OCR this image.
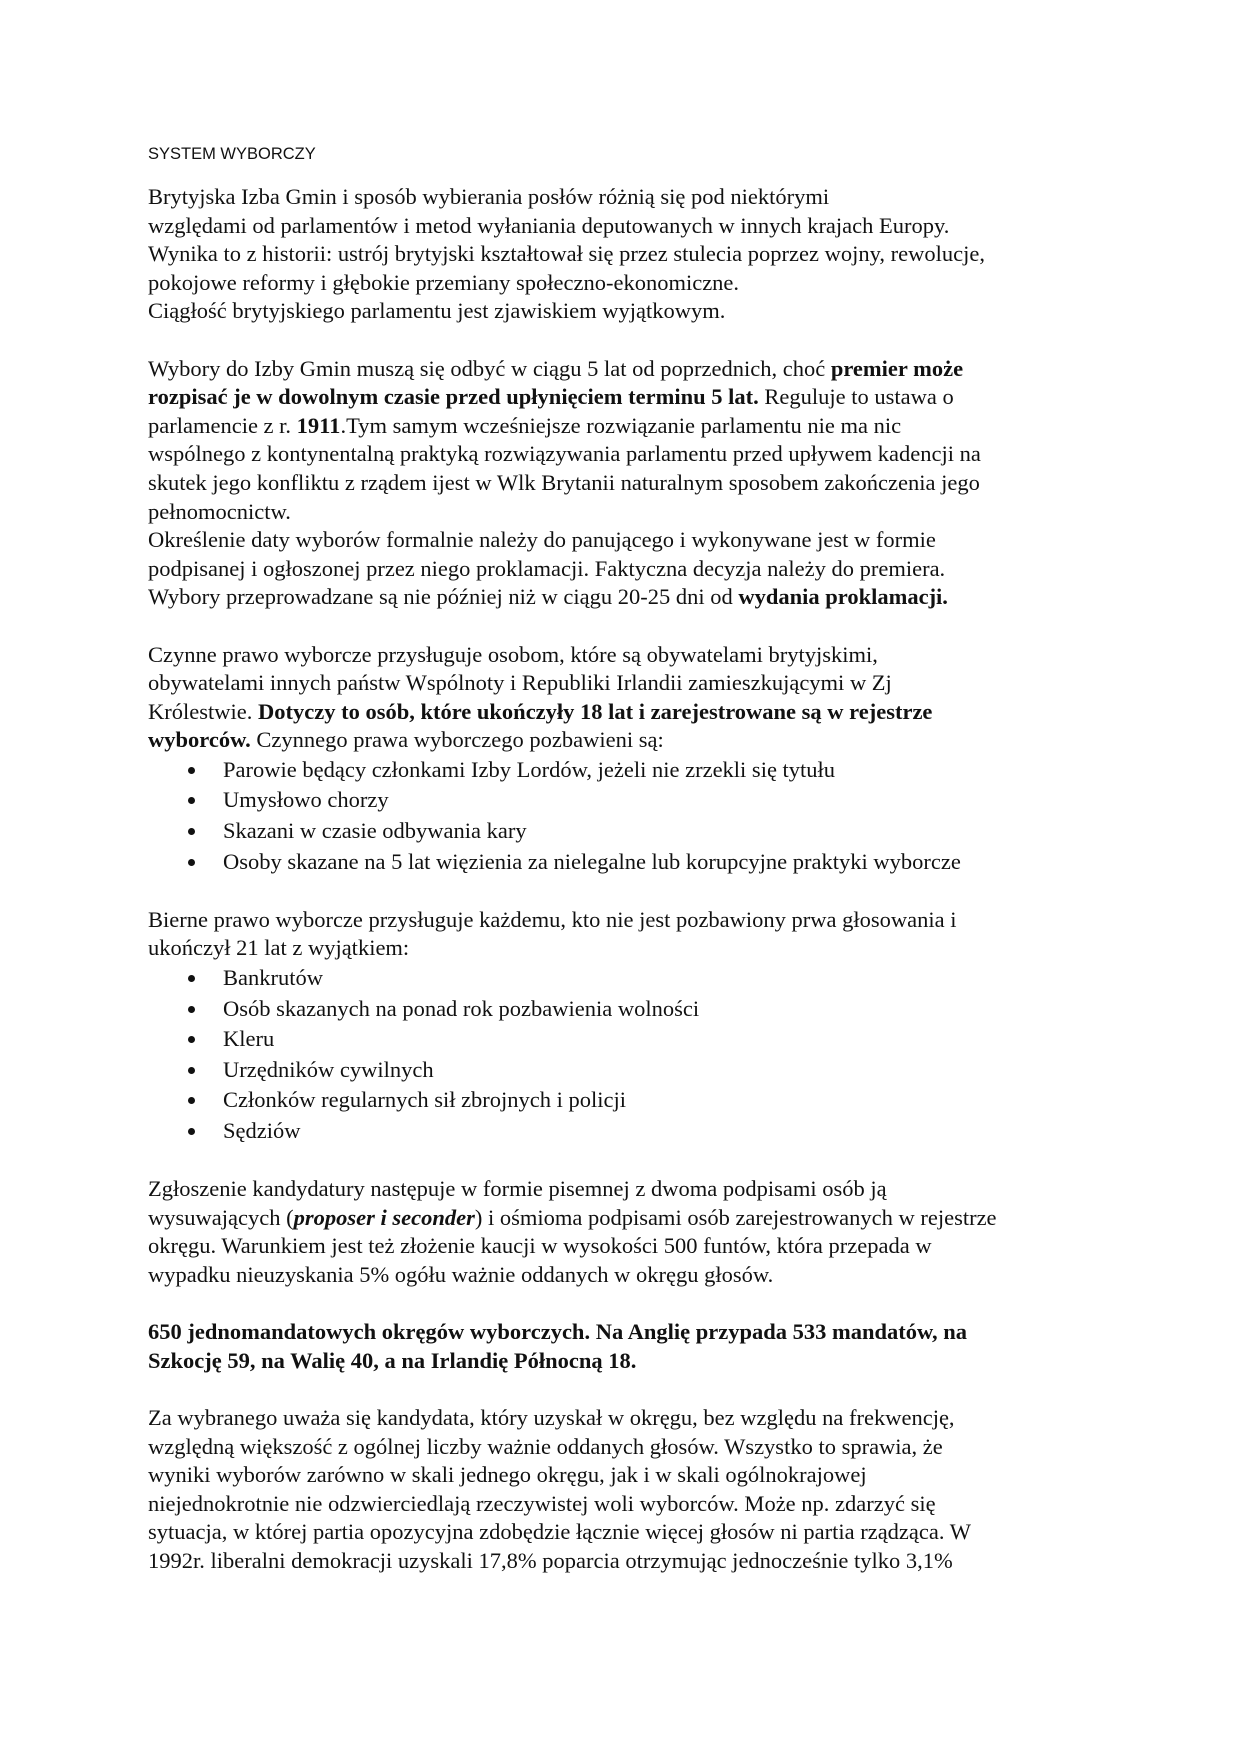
SYSTEM WYBORCZY

Brytyjska Izba Gmin i sposób wybierania posłów różnią się pod niektórymi
względami od parlamentów i metod wyłaniania deputowanych w innych krajach Europy.
Wynika to z historii: ustrój brytyjski kształtował się przez stulecia poprzez wojny, rewolucje,
pokojowe reformy i głębokie przemiany społeczno-ekonomiczne.
Ciągłość brytyjskiego parlamentu jest zjawiskiem wyjątkowym.

Wybory do Izby Gmin muszą się odbyć w ciągu 5 lat od poprzednich, choć premier może
rozpisać je w dowolnym czasie przed upłynięciem terminu 5 lat. Reguluje to ustawa o
parlamencie z r. 1911.Tym samym wcześniejsze rozwiązanie parlamentu nie ma nic
wspólnego z kontynentalną praktyką rozwiązywania parlamentu przed upływem kadencji na
skutek jego konfliktu z rządem ijest w Wlk Brytanii naturalnym sposobem zakończenia jego
pełnomocnictw.
Określenie daty wyborów formalnie należy do panującego i wykonywane jest w formie
podpisanej i ogłoszonej przez niego proklamacji. Faktyczna decyzja należy do premiera.
Wybory przeprowadzane są nie później niż w ciągu 20-25 dni od wydania proklamacji.

Czynne prawo wyborcze przysługuje osobom, które są obywatelami brytyjskimi,
obywatelami innych państw Wspólnoty i Republiki Irlandii zamieszkującymi w Zj
Królestwie. Dotyczy to osób, które ukończyły 18 lat i zarejestrowane są w rejestrze
wyborców. Czynnego prawa wyborczego pozbawieni są:

Parowie będący członkami Izby Lordów, jeżeli nie zrzekli się tytułu
Umysłowo chorzy
Skazani w czasie odbywania kary
Osoby skazane na 5 lat więzienia za nielegalne lub korupcyjne praktyki wyborcze

Bierne prawo wyborcze przysługuje każdemu, kto nie jest pozbawiony prwa głosowania i
ukończył 21 lat z wyjątkiem:

Bankrutów
Osób skazanych na ponad rok pozbawienia wolności
Kleru
Urzędników cywilnych
Członków regularnych sił zbrojnych i policji
Sędziów

Zgłoszenie kandydatury następuje w formie pisemnej z dwoma podpisami osób ją
wysuwających (proposer i seconder) i ośmioma podpisami osób zarejestrowanych w rejestrze
okręgu. Warunkiem jest też złożenie kaucji w wysokości 500 funtów, która przepada w
wypadku nieuzyskania 5% ogółu ważnie oddanych w okręgu głosów.

650 jednomandatowych okręgów wyborczych. Na Anglię przypada 533 mandatów, na
Szkocję 59, na Walię 40, a na Irlandię Północną 18.

Za wybranego uważa się kandydata, który uzyskał w okręgu, bez względu na frekwencję,
względną większość z ogólnej liczby ważnie oddanych głosów. Wszystko to sprawia, że
wyniki wyborów zarówno w skali jednego okręgu, jak i w skali ogólnokrajowej
niejednokrotnie nie odzwierciedlają rzeczywistej woli wyborców. Może np. zdarzyć się
sytuacja, w której partia opozycyjna zdobędzie łącznie więcej głosów ni partia rządząca. W
1992r. liberalni demokracji uzyskali 17,8% poparcia otrzymując jednocześnie tylko 3,1%
